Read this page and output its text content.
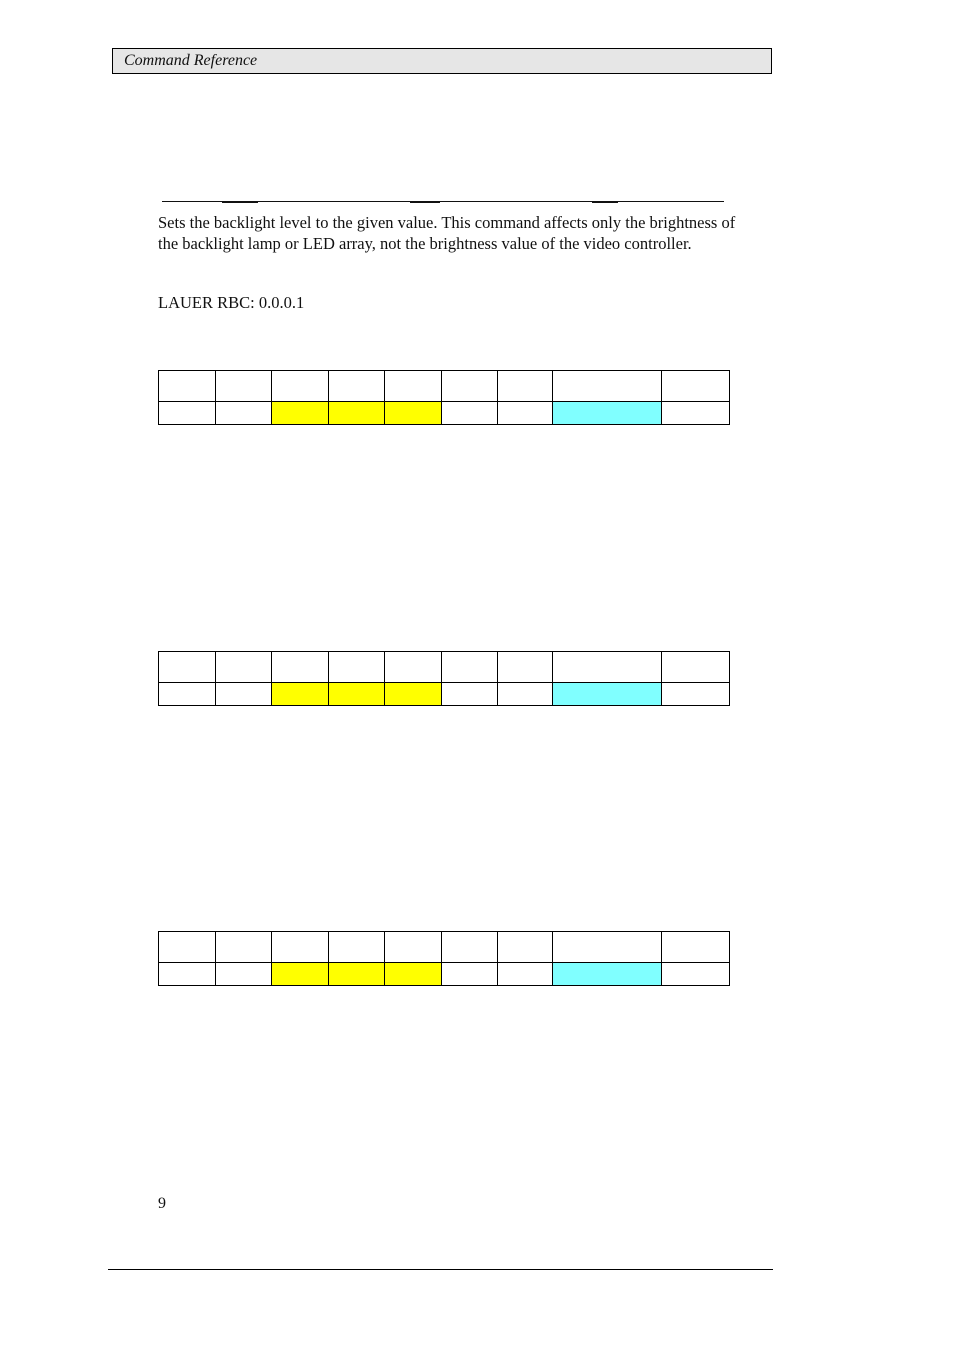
Command Reference

Sets the backlight level to the given value. This command affects only the brightness of the backlight lamp or LED array, not the brightness value of the video controller.

LAUER RBC: 0.0.0.1

9
